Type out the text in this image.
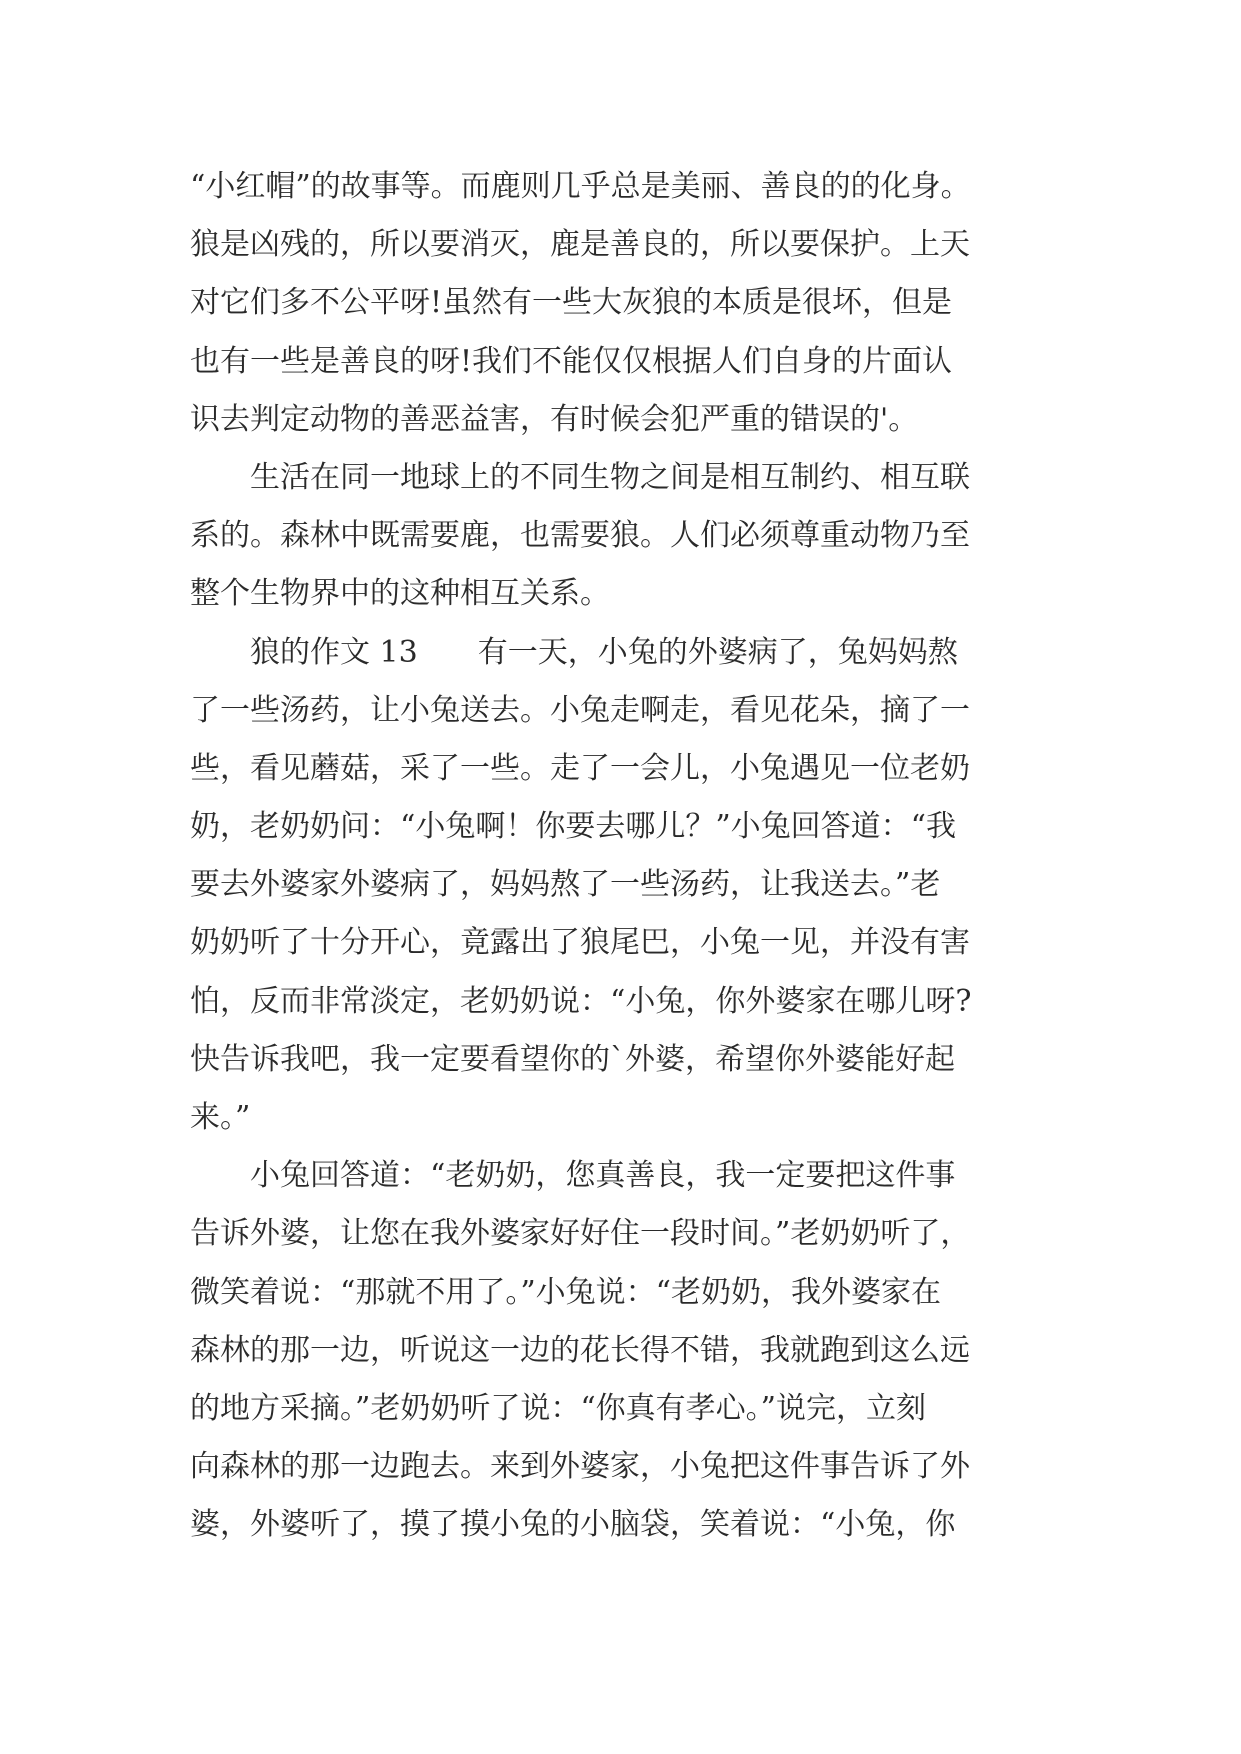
“小红帽”的故事等。而鹿则几乎总是美丽、善良的的化身。
狼是凶残的，所以要消灭，鹿是善良的，所以要保护。上天
对它们多不公平呀!虽然有一些大灰狼的本质是很坏，但是
也有一些是善良的呀!我们不能仅仅根据人们自身的片面认
识去判定动物的善恶益害，有时候会犯严重的错误的'。
　　生活在同一地球上的不同生物之间是相互制约、相互联
系的。森林中既需要鹿，也需要狼。人们必须尊重动物乃至
整个生物界中的这种相互关系。
　　狼的作文 13　　有一天，小兔的外婆病了，兔妈妈熬
了一些汤药，让小兔送去。小兔走啊走，看见花朵，摘了一
些，看见蘑菇，采了一些。走了一会儿，小兔遇见一位老奶
奶，老奶奶问：“小兔啊！你要去哪儿？”小兔回答道：“我
要去外婆家外婆病了，妈妈熬了一些汤药，让我送去。”老
奶奶听了十分开心，竟露出了狼尾巴，小兔一见，并没有害
怕，反而非常淡定，老奶奶说：“小兔，你外婆家在哪儿呀?
快告诉我吧，我一定要看望你的`外婆，希望你外婆能好起
来。”
　　小兔回答道：“老奶奶，您真善良，我一定要把这件事
告诉外婆，让您在我外婆家好好住一段时间。”老奶奶听了，
微笑着说：“那就不用了。”小兔说：“老奶奶，我外婆家在
森林的那一边，听说这一边的花长得不错，我就跑到这么远
的地方采摘。”老奶奶听了说：“你真有孝心。”说完，立刻
向森林的那一边跑去。来到外婆家，小兔把这件事告诉了外
婆，外婆听了，摸了摸小兔的小脑袋，笑着说：“小兔，你
